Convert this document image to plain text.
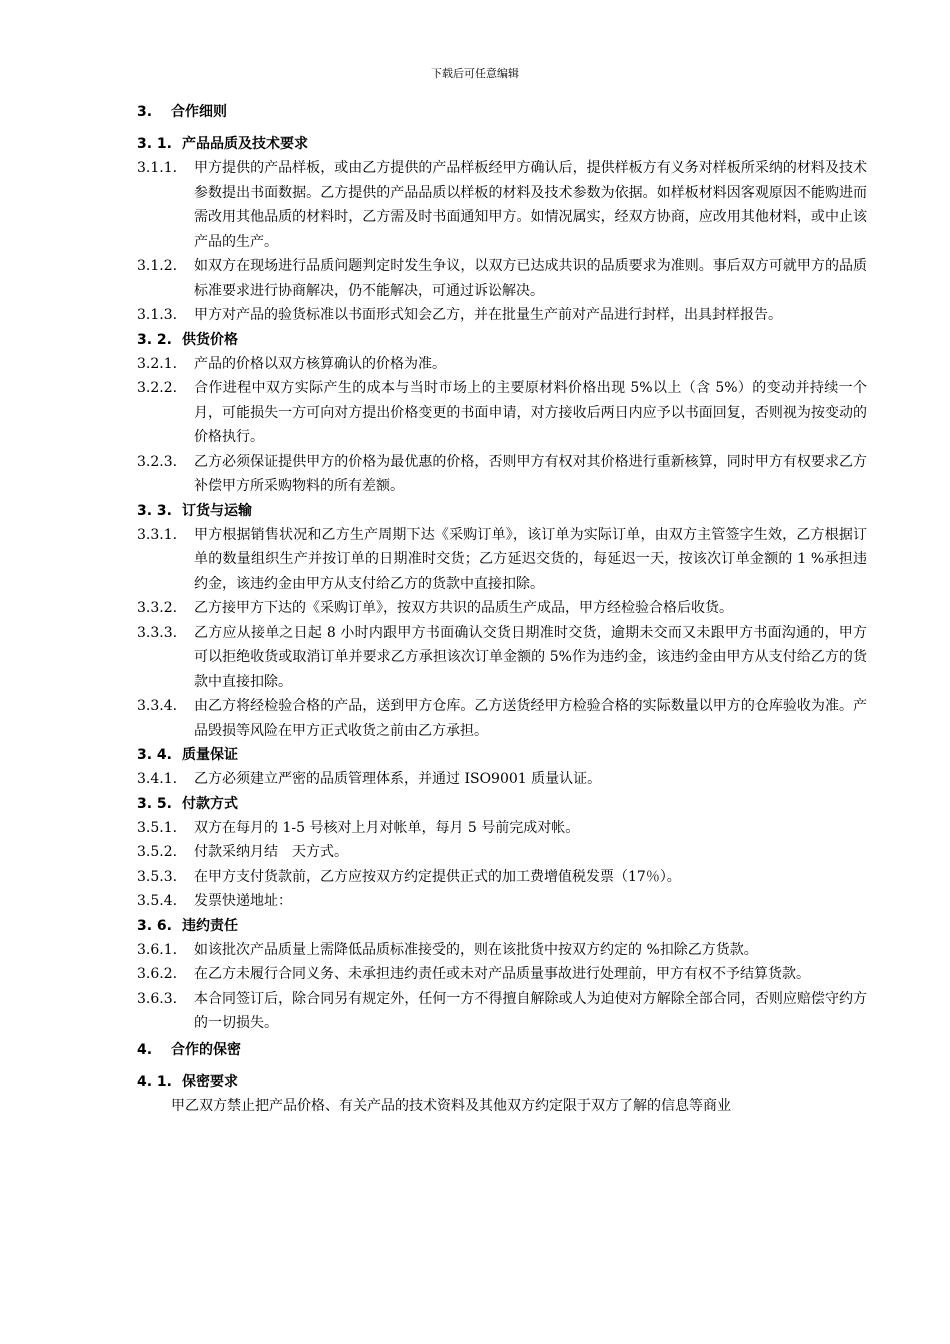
下载后可任意编辑
3. 合作细则
3. 1. 产品品质及技术要求
3.1.1.	甲方提供的产品样板，或由乙方提供的产品样板经甲方确认后，提供样板方有义务对样板所采纳的材料及技术参数提出书面数据。乙方提供的产品品质以样板的材料及技术参数为依据。如样板材料因客观原因不能购进而需改用其他品质的材料时，乙方需及时书面通知甲方。如情况属实，经双方协商，应改用其他材料，或中止该产品的生产。
3.1.2.	如双方在现场进行品质问题判定时发生争议，以双方已达成共识的品质要求为准则。事后双方可就甲方的品质标准要求进行协商解决，仍不能解决，可通过诉讼解决。
3.1.3.	甲方对产品的验货标准以书面形式知会乙方，并在批量生产前对产品进行封样，出具封样报告。
3. 2. 供货价格
3.2.1.	产品的价格以双方核算确认的价格为准。
3.2.2.	合作进程中双方实际产生的成本与当时市场上的主要原材料价格出现 5%以上（含 5%）的变动并持续一个月，可能损失一方可向对方提出价格变更的书面申请，对方接收后两日内应予以书面回复，否则视为按变动的价格执行。
3.2.3.	乙方必须保证提供甲方的价格为最优惠的价格，否则甲方有权对其价格进行重新核算，同时甲方有权要求乙方补偿甲方所采购物料的所有差额。
3. 3. 订货与运输
3.3.1.	甲方根据销售状况和乙方生产周期下达《采购订单》，该订单为实际订单，由双方主管签字生效，乙方根据订单的数量组织生产并按订单的日期准时交货；乙方延迟交货的，每延迟一天，按该次订单金额的 1 %承担违约金，该违约金由甲方从支付给乙方的货款中直接扣除。
3.3.2.	乙方接甲方下达的《采购订单》，按双方共识的品质生产成品，甲方经检验合格后收货。
3.3.3.	乙方应从接单之日起 8 小时内跟甲方书面确认交货日期准时交货，逾期未交而又未跟甲方书面沟通的，甲方可以拒绝收货或取消订单并要求乙方承担该次订单金额的 5%作为违约金，该违约金由甲方从支付给乙方的货款中直接扣除。
3.3.4.	由乙方将经检验合格的产品，送到甲方仓库。乙方送货经甲方检验合格的实际数量以甲方的仓库验收为准。产品毁损等风险在甲方正式收货之前由乙方承担。
3. 4. 质量保证
3.4.1.	乙方必须建立严密的品质管理体系，并通过 ISO9001 质量认证。
3. 5. 付款方式
3.5.1.	双方在每月的 1-5 号核对上月对帐单，每月 5 号前完成对帐。
3.5.2.	付款采纳月结　天方式。
3.5.3.	在甲方支付货款前，乙方应按双方约定提供正式的加工费增值税发票（17％）。
3.5.4.	发票快递地址：
3. 6. 违约责任
3.6.1.	如该批次产品质量上需降低品质标准接受的，则在该批货中按双方约定的 %扣除乙方货款。
3.6.2.	在乙方未履行合同义务、未承担违约责任或未对产品质量事故进行处理前，甲方有权不予结算货款。
3.6.3.	本合同签订后，除合同另有规定外，任何一方不得擅自解除或人为迫使对方解除全部合同，否则应赔偿守约方的一切损失。
4. 合作的保密
4. 1. 保密要求
甲乙双方禁止把产品价格、有关产品的技术资料及其他双方约定限于双方了解的信息等商业
